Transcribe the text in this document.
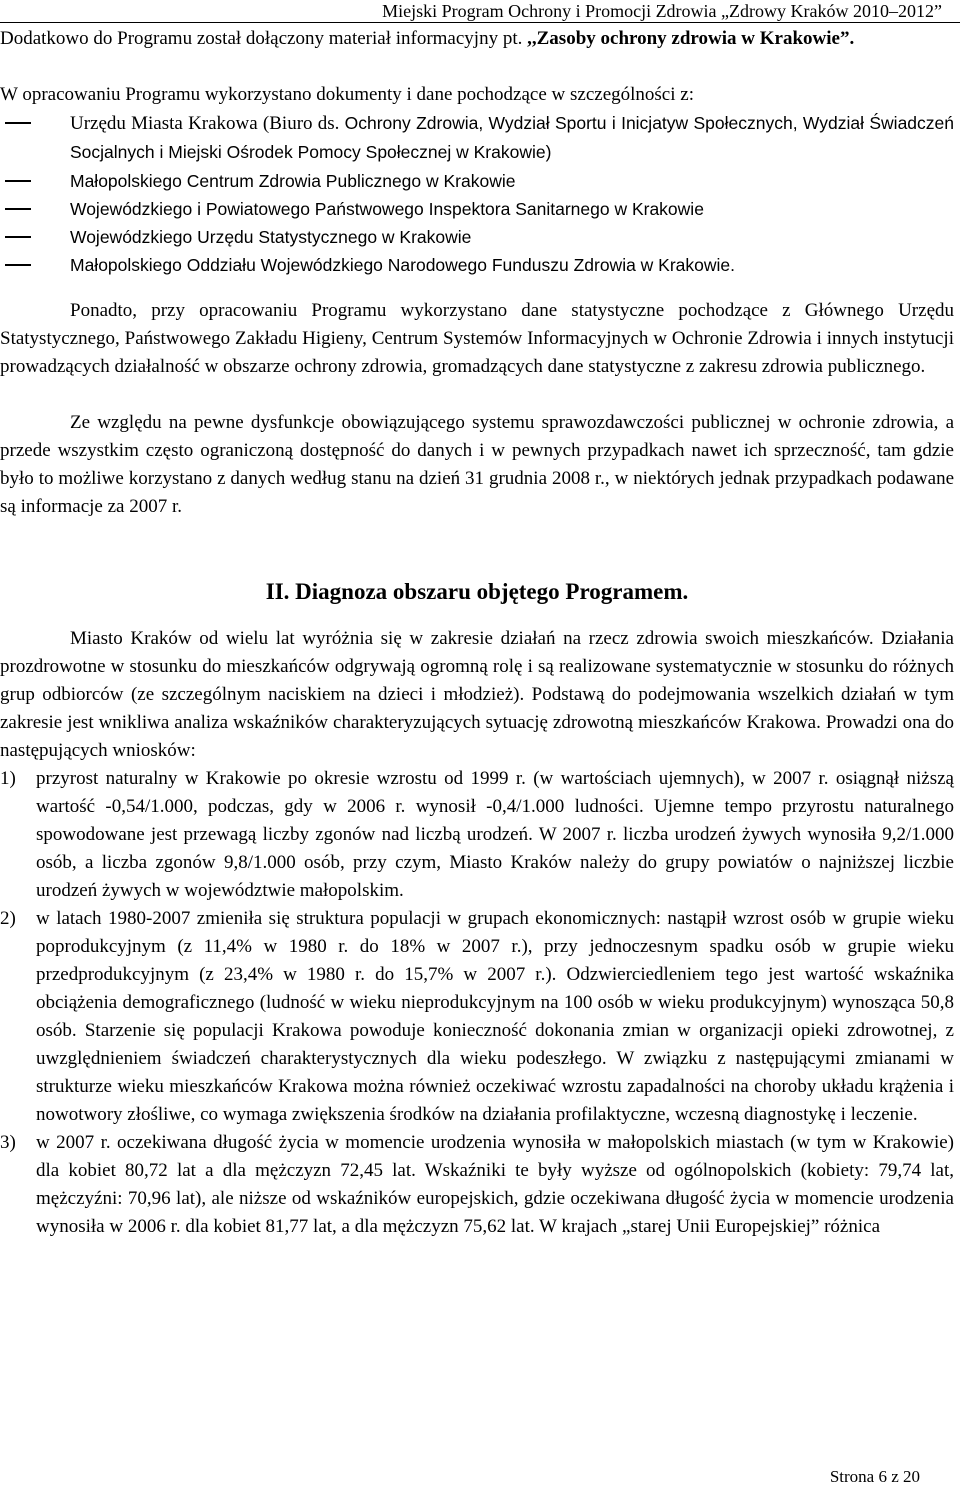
Miejski Program Ochrony i Promocji Zdrowia „Zdrowy Kraków 2010–2012”

Dodatkowo do Programu został dołączony materiał informacyjny pt. ,,Zasoby ochrony zdrowia w Krakowie”.

W opracowaniu Programu wykorzystano dokumenty i dane pochodzące w szczególności z:

Urzędu Miasta Krakowa (Biuro ds. Ochrony Zdrowia, Wydział Sportu i Inicjatyw Społecznych, Wydział Świadczeń Socjalnych i Miejski Ośrodek Pomocy Społecznej w Krakowie)
Małopolskiego Centrum Zdrowia Publicznego w Krakowie
Wojewódzkiego i Powiatowego Państwowego Inspektora Sanitarnego w Krakowie
Wojewódzkiego Urzędu Statystycznego w Krakowie
Małopolskiego Oddziału Wojewódzkiego Narodowego Funduszu Zdrowia w Krakowie.

Ponadto, przy opracowaniu Programu wykorzystano dane statystyczne pochodzące z Głównego Urzędu Statystycznego, Państwowego Zakładu Higieny, Centrum Systemów Informacyjnych w Ochronie Zdrowia i innych instytucji prowadzących działalność w obszarze ochrony zdrowia, gromadzących dane statystyczne z zakresu zdrowia publicznego.

Ze względu na pewne dysfunkcje obowiązującego systemu sprawozdawczości publicznej w ochronie zdrowia, a przede wszystkim często ograniczoną dostępność do danych i w pewnych przypadkach nawet ich sprzeczność, tam gdzie było to możliwe korzystano z danych według stanu na dzień 31 grudnia 2008 r., w niektórych jednak przypadkach podawane są informacje za 2007 r.

II. Diagnoza obszaru objętego Programem.

Miasto Kraków od wielu lat wyróżnia się w zakresie działań na rzecz zdrowia swoich mieszkańców. Działania prozdrowotne w stosunku do mieszkańców odgrywają ogromną rolę i są realizowane systematycznie w stosunku do różnych grup odbiorców (ze szczególnym naciskiem na dzieci i młodzież). Podstawą do podejmowania wszelkich działań w tym zakresie jest wnikliwa analiza wskaźników charakteryzujących sytuację zdrowotną mieszkańców Krakowa. Prowadzi ona do następujących wniosków:

1) przyrost naturalny w Krakowie po okresie wzrostu od 1999 r. (w wartościach ujemnych), w 2007 r. osiągnął niższą wartość -0,54/1.000, podczas, gdy w 2006 r. wynosił -0,4/1.000 ludności. Ujemne tempo przyrostu naturalnego spowodowane jest przewagą liczby zgonów nad liczbą urodzeń. W 2007 r. liczba urodzeń żywych wynosiła 9,2/1.000 osób, a liczba zgonów 9,8/1.000 osób, przy czym, Miasto Kraków należy do grupy powiatów o najniższej liczbie urodzeń żywych w województwie małopolskim.
2) w latach 1980-2007 zmieniła się struktura populacji w grupach ekonomicznych: nastąpił wzrost osób w grupie wieku poprodukcyjnym (z 11,4% w 1980 r. do 18% w 2007 r.), przy jednoczesnym spadku osób w grupie wieku przedprodukcyjnym (z 23,4% w 1980 r. do 15,7% w 2007 r.). Odzwierciedleniem tego jest wartość wskaźnika obciążenia demograficznego (ludność w wieku nieprodukcyjnym na 100 osób w wieku produkcyjnym) wynosząca 50,8 osób. Starzenie się populacji Krakowa powoduje konieczność dokonania zmian w organizacji opieki zdrowotnej, z uwzględnieniem świadczeń charakterystycznych dla wieku podeszłego. W związku z następującymi zmianami w strukturze wieku mieszkańców Krakowa można również oczekiwać wzrostu zapadalności na choroby układu krążenia i nowotwory złośliwe, co wymaga zwiększenia środków na działania profilaktyczne, wczesną diagnostykę i leczenie.
3) w 2007 r. oczekiwana długość życia w momencie urodzenia wynosiła w małopolskich miastach (w tym w Krakowie) dla kobiet 80,72 lat a dla mężczyzn 72,45 lat. Wskaźniki te były wyższe od ogólnopolskich (kobiety: 79,74 lat, mężczyźni: 70,96 lat), ale niższe od wskaźników europejskich, gdzie oczekiwana długość życia w momencie urodzenia wynosiła w 2006 r. dla kobiet 81,77 lat, a dla mężczyzn 75,62 lat. W krajach „starej Unii Europejskiej” różnica
Strona 6 z 20
